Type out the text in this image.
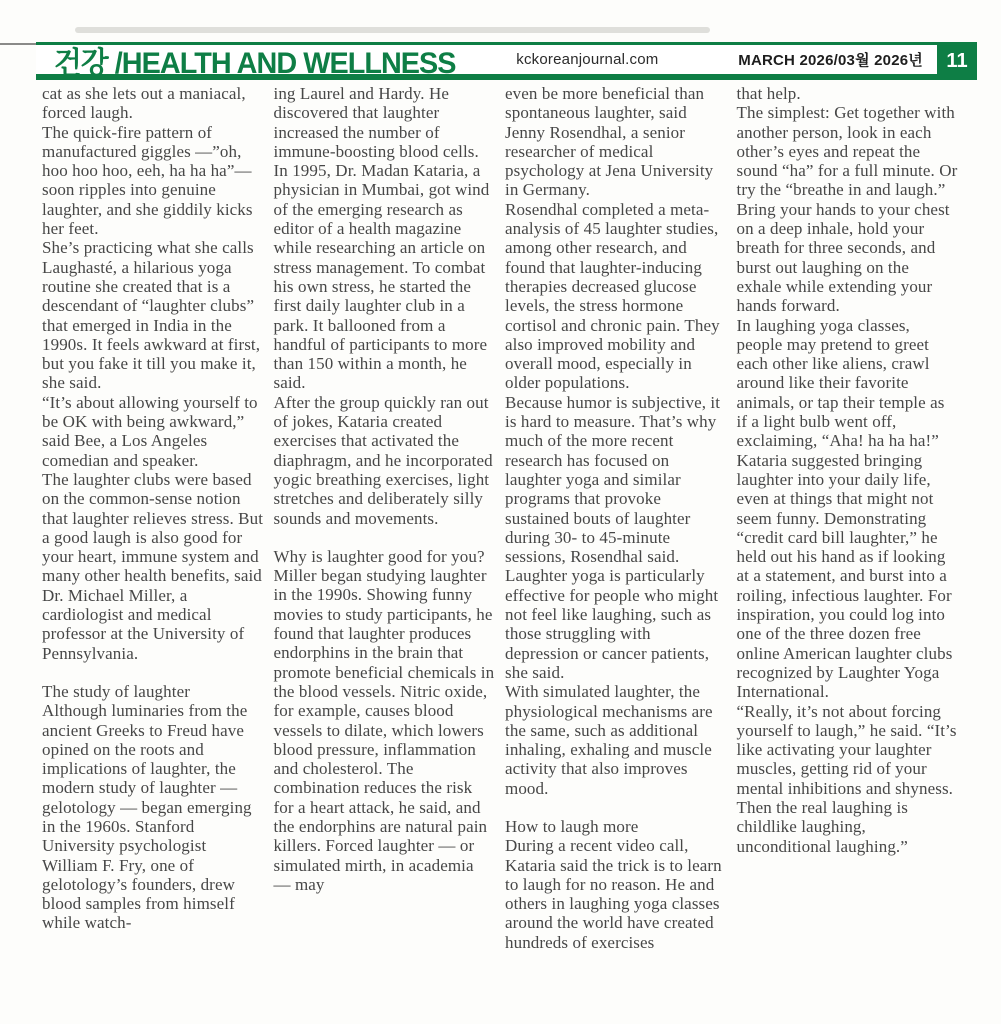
건강 /HEALTH AND WELLNESS	kckoreanjournal.com	MARCH 2026/03월 2026년 11

cat as she lets out a maniacal, forced laugh.

The quick-fire pattern of manufactured giggles —”oh, hoo hoo hoo, eeh, ha ha ha”— soon ripples into genuine laughter, and she giddily kicks her feet.

She’s practicing what she calls Laughasté, a hilarious yoga routine she created that is a descendant of “laughter clubs” that emerged in India in the 1990s. It feels awkward at first, but you fake it till you make it, she said.

“It’s about allowing yourself to be OK with being awkward,” said Bee, a Los Angeles comedian and speaker.

The laughter clubs were based on the common-sense notion that laughter relieves stress. But a good laugh is also good for your heart, immune system and many other health benefits, said Dr. Michael Miller, a cardiologist and medical professor at the University of Pennsylvania.

The study of laughter

Although luminaries from the ancient Greeks to Freud have opined on the roots and implications of laughter, the modern study of laughter — gelotology — began emerging in the 1960s. Stanford University psychologist William F. Fry, one of gelotology’s founders, drew blood samples from himself while watch-

ing Laurel and Hardy. He discovered that laughter increased the number of immune-boosting blood cells.

In 1995, Dr. Madan Kataria, a physician in Mumbai, got wind of the emerging research as editor of a health magazine while researching an article on stress management. To combat his own stress, he started the first daily laughter club in a park. It ballooned from a handful of participants to more than 150 within a month, he said.

After the group quickly ran out of jokes, Kataria created exercises that activated the diaphragm, and he incorporated yogic breathing exercises, light stretches and deliberately silly sounds and movements.

Why is laughter good for you?

Miller began studying laughter in the 1990s. Showing funny movies to study participants, he found that laughter produces endorphins in the brain that promote beneficial chemicals in the blood vessels. Nitric oxide, for example, causes blood vessels to dilate, which lowers blood pressure, inflammation and cholesterol. The combination reduces the risk for a heart attack, he said, and the endorphins are natural pain killers. Forced laughter — or simulated mirth, in academia — may

even be more beneficial than spontaneous laughter, said Jenny Rosendhal, a senior researcher of medical psychology at Jena University in Germany.

Rosendhal completed a meta-analysis of 45 laughter studies, among other research, and found that laughter-inducing therapies decreased glucose levels, the stress hormone cortisol and chronic pain. They also improved mobility and overall mood, especially in older populations.

Because humor is subjective, it is hard to measure. That’s why much of the more recent research has focused on laughter yoga and similar programs that provoke sustained bouts of laughter during 30- to 45-minute sessions, Rosendhal said.

Laughter yoga is particularly effective for people who might not feel like laughing, such as those struggling with depression or cancer patients, she said.

With simulated laughter, the physiological mechanisms are the same, such as additional inhaling, exhaling and muscle activity that also improves mood.

How to laugh more

During a recent video call, Kataria said the trick is to learn to laugh for no reason. He and others in laughing yoga classes around the world have created hundreds of exercises

that help.

The simplest: Get together with another person, look in each other’s eyes and repeat the sound “ha” for a full minute. Or try the “breathe in and laugh.” Bring your hands to your chest on a deep inhale, hold your breath for three seconds, and burst out laughing on the exhale while extending your hands forward.

In laughing yoga classes, people may pretend to greet each other like aliens, crawl around like their favorite animals, or tap their temple as if a light bulb went off, exclaiming, “Aha! ha ha ha!”

Kataria suggested bringing laughter into your daily life, even at things that might not seem funny. Demonstrating “credit card bill laughter,” he held out his hand as if looking at a statement, and burst into a roiling, infectious laughter. For inspiration, you could log into one of the three dozen free online American laughter clubs recognized by Laughter Yoga International.

“Really, it’s not about forcing yourself to laugh,” he said. “It’s like activating your laughter muscles, getting rid of your mental inhibitions and shyness. Then the real laughing is childlike laughing, unconditional laughing.”
